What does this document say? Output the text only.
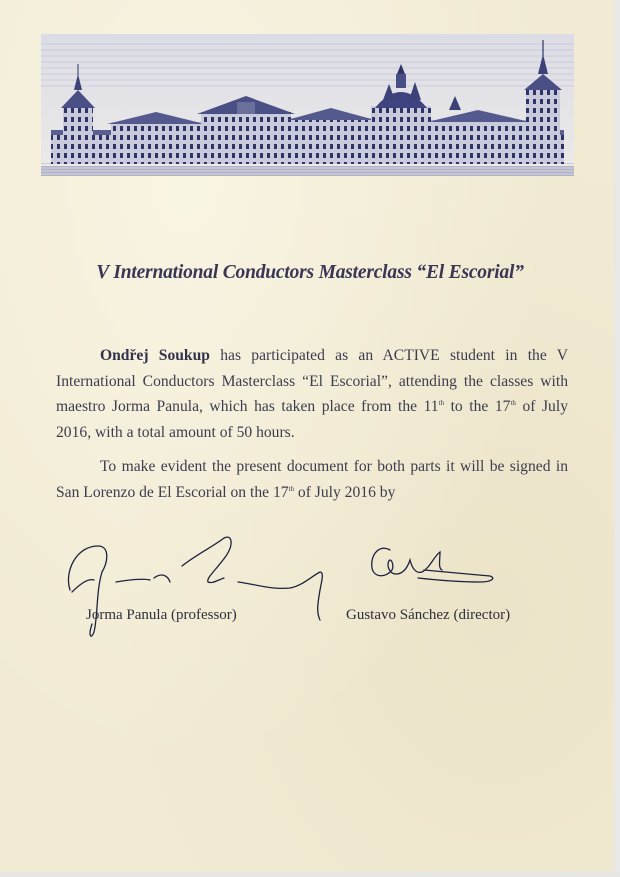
V International Conductors Masterclass “El Escorial”

Ondřej Soukup has participated as an ACTIVE student in the V International Conductors Masterclass “El Escorial”, attending the classes with maestro Jorma Panula, which has taken place from the 11th to the 17th of July 2016, with a total amount of 50 hours.

To make evident the present document for both parts it will be signed in San Lorenzo de El Escorial on the 17th of July 2016 by

Jorma Panula (professor)	Gustavo Sánchez (director)
